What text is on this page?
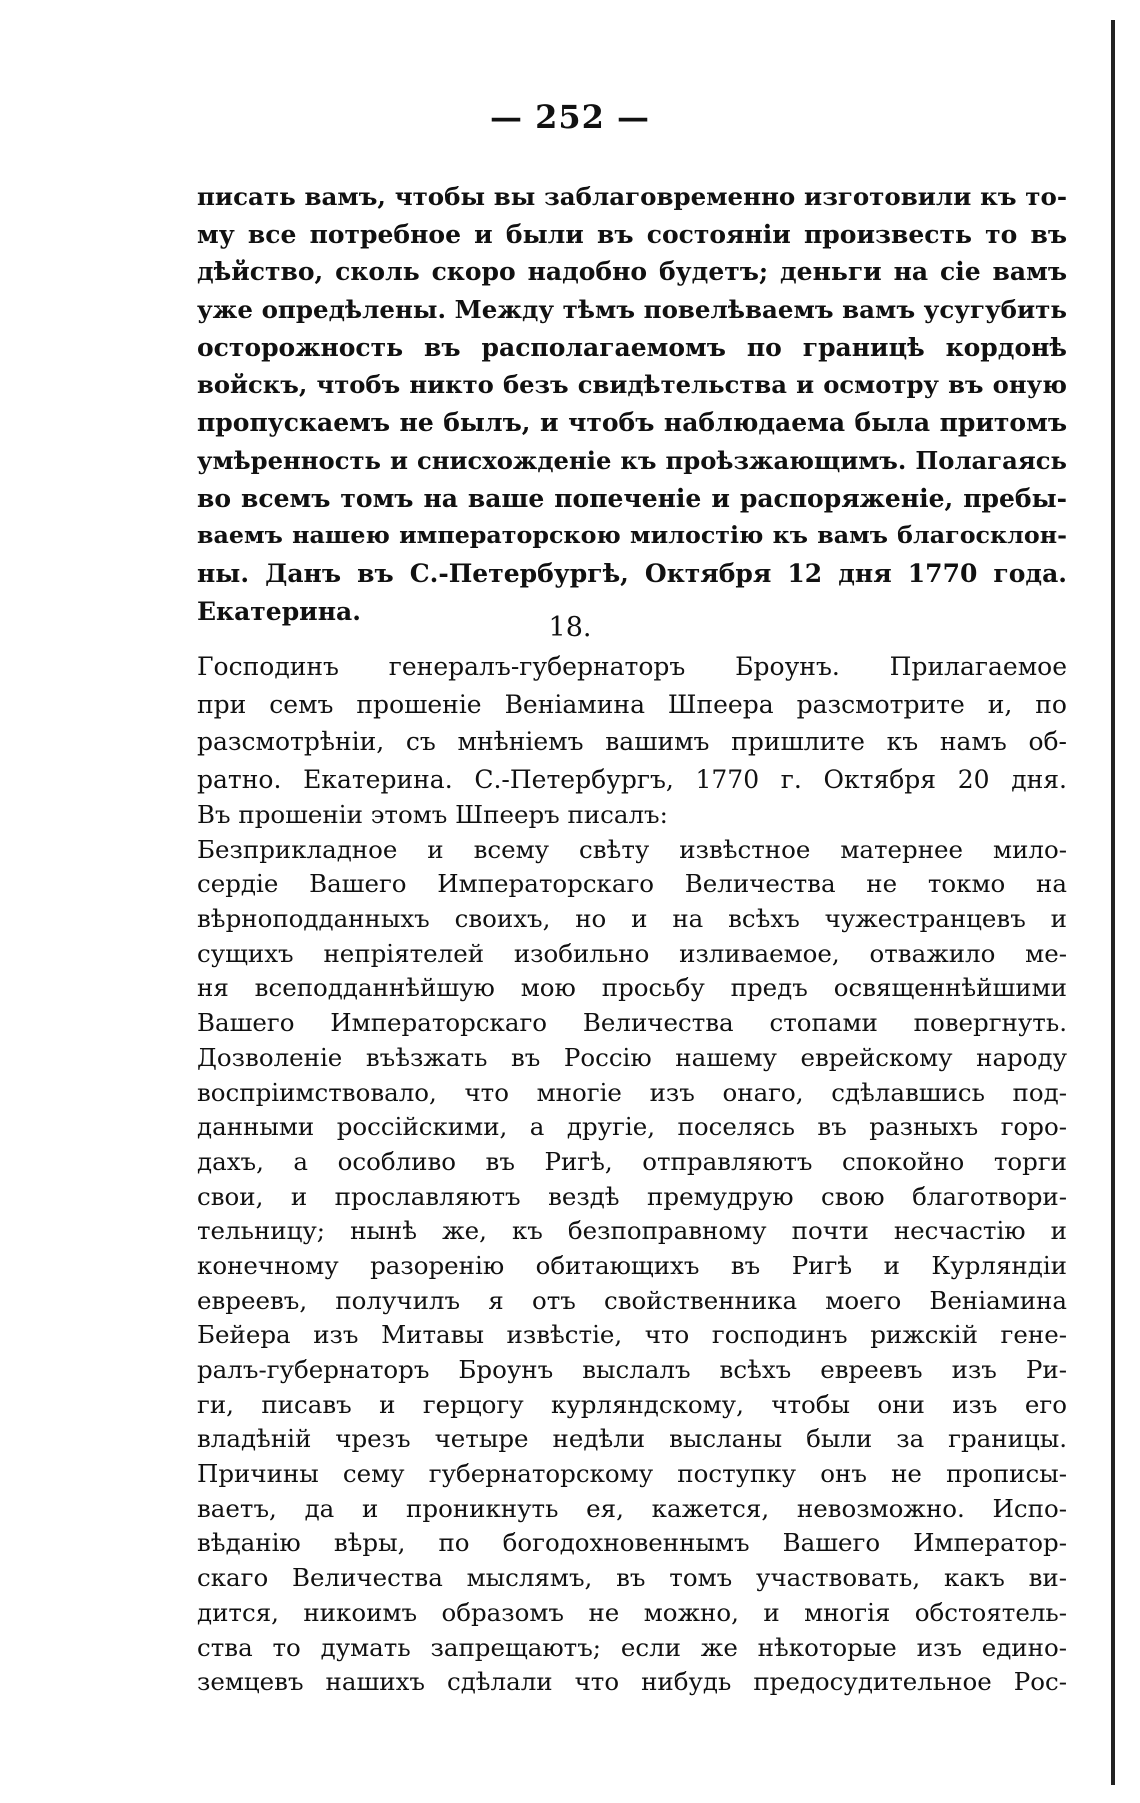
— 252 —
писать вамъ, чтобы вы заблаговременно изготовили къ то-
му все потребное и были въ состояніи произвесть то въ
дѣйство, сколь скоро надобно будетъ; деньги на сіе вамъ
уже опредѣлены. Между тѣмъ повелѣваемъ вамъ усугубить
осторожность въ располагаемомъ по границѣ кордонѣ
войскъ, чтобъ никто безъ свидѣтельства и осмотру въ оную
пропускаемъ не былъ, и чтобъ наблюдаема была притомъ
умѣренность и снисхожденіе къ проѣзжающимъ. Полагаясь
во всемъ томъ на ваше попеченіе и распоряженіе, пребы-
ваемъ нашею императорскою милостію къ вамъ благосклон-
ны. Данъ въ С.-Петербургѣ, Октября 12 дня 1770 года.
Екатерина.
18.
Господинъ генералъ-губернаторъ Броунъ. Прилагаемое
при семъ прошеніе Веніамина Шпеера разсмотрите и, по
разсмотрѣніи, съ мнѣніемъ вашимъ пришлите къ намъ об-
ратно. Екатерина. С.-Петербургъ, 1770 г. Октября 20 дня.
Въ прошеніи этомъ Шпееръ писалъ:
Безприкладное и всему свѣту извѣстное матернее мило-
сердіе Вашего Императорскаго Величества не токмо на
вѣрноподданныхъ своихъ, но и на всѣхъ чужестранцевъ и
сущихъ непріятелей изобильно изливаемое, отважило ме-
ня всеподданнѣйшую мою просьбу предъ освященнѣйшими
Вашего Императорскаго Величества стопами повергнуть.
Дозволеніе въѣзжать въ Россію нашему еврейскому народу
воспріимствовало, что многіе изъ онаго, сдѣлавшись под-
данными россійскими, а другіе, поселясь въ разныхъ горо-
дахъ, а особливо въ Ригѣ, отправляютъ спокойно торги
свои, и прославляютъ вездѣ премудрую свою благотвори-
тельницу; нынѣ же, къ безпоправному почти несчастію и
конечному разоренію обитающихъ въ Ригѣ и Курляндіи
евреевъ, получилъ я отъ свойственника моего Веніамина
Бейера изъ Митавы извѣстіе, что господинъ рижскій гене-
ралъ-губернаторъ Броунъ выслалъ всѣхъ евреевъ изъ Ри-
ги, писавъ и герцогу курляндскому, чтобы они изъ его
владѣній чрезъ четыре недѣли высланы были за границы.
Причины сему губернаторскому поступку онъ не прописы-
ваетъ, да и проникнуть ея, кажется, невозможно. Испо-
вѣданію вѣры, по богодохновеннымъ Вашего Император-
скаго Величества мыслямъ, въ томъ участвовать, какъ ви-
дится, никоимъ образомъ не можно, и многія обстоятель-
ства то думать запрещаютъ; если же нѣкоторые изъ едино-
земцевъ нашихъ сдѣлали что нибудь предосудительное Рос-
